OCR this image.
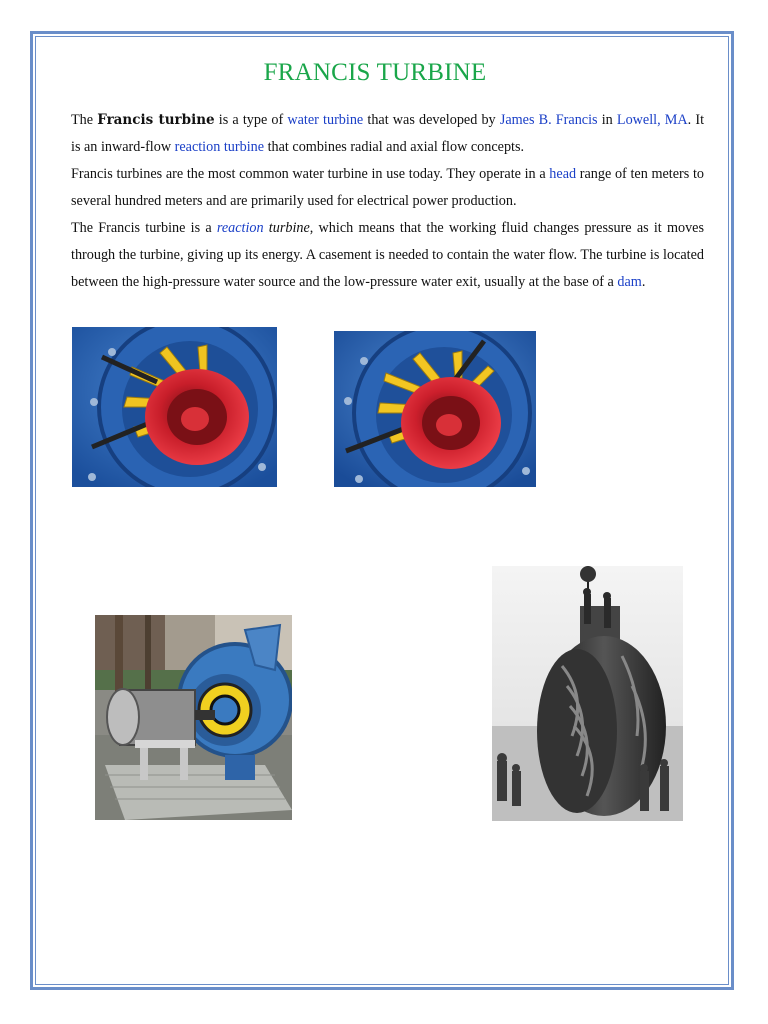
FRANCIS TURBINE

The Francis turbine is a type of water turbine that was developed by James B. Francis in Lowell, MA. It is an inward-flow reaction turbine that combines radial and axial flow concepts.

Francis turbines are the most common water turbine in use today. They operate in a head range of ten meters to several hundred meters and are primarily used for electrical power production.

The Francis turbine is a reaction turbine, which means that the working fluid changes pressure as it moves through the turbine, giving up its energy. A casement is needed to contain the water flow. The turbine is located between the high-pressure water source and the low-pressure water exit, usually at the base of a dam.
